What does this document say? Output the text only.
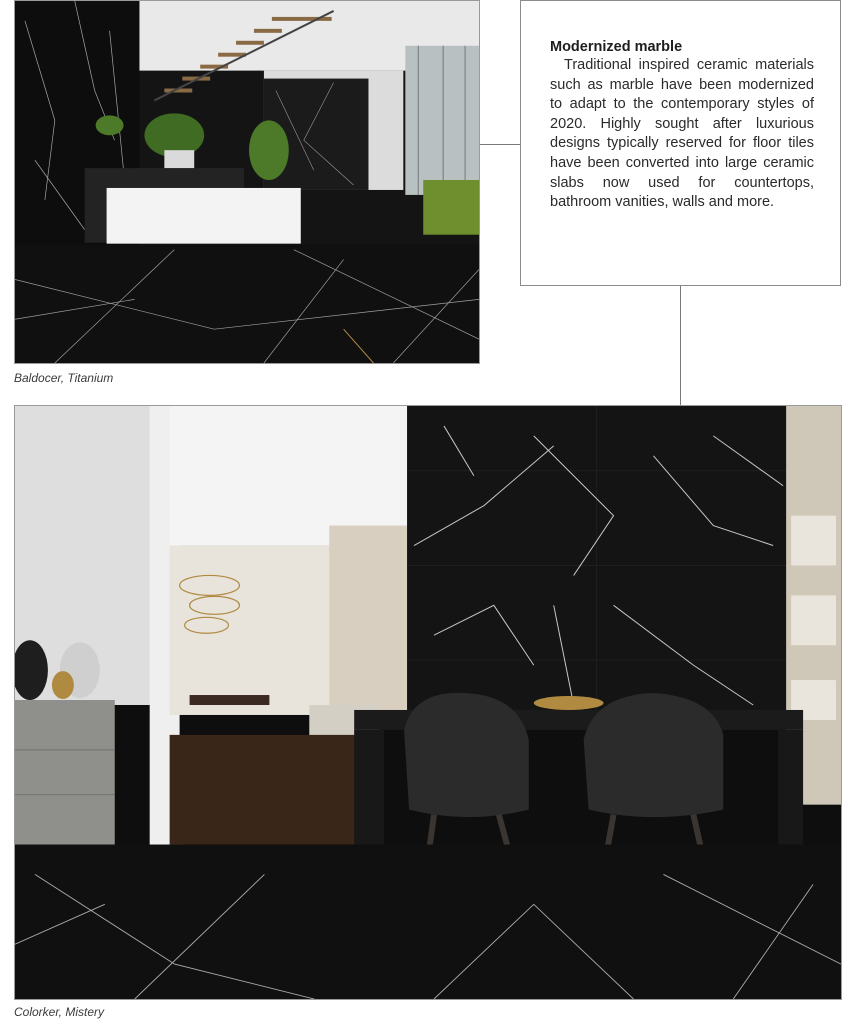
Baldocer, Titanium
Modernized marble

Traditional inspired ceramic materials such as marble have been modernized to adapt to the contemporary styles of 2020. Highly sought after luxurious designs typically reserved for floor tiles have been converted into large ceramic slabs now used for countertops, bathroom vanities, walls and more.

Colorker, Mistery
